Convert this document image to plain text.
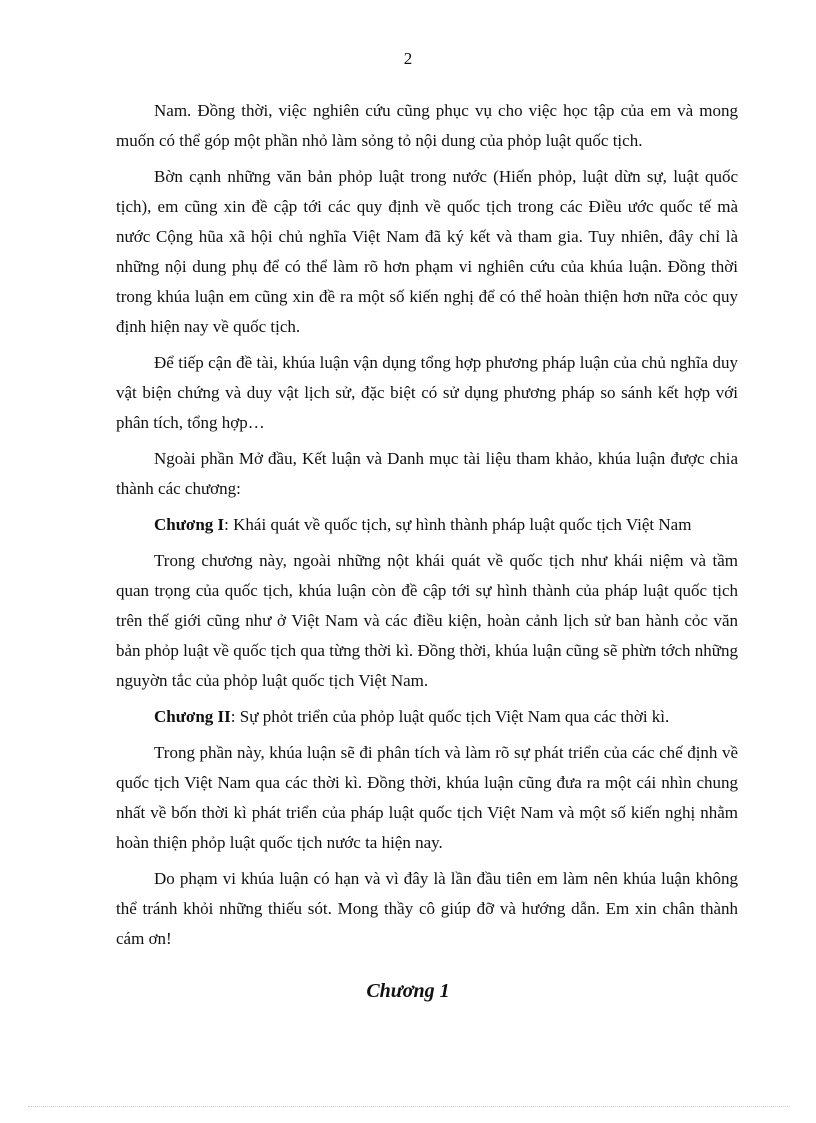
2

Nam. Đồng thời, việc nghiên cứu cũng phục vụ cho việc học tập của em và mong muốn có thể góp một phần nhỏ làm sỏng tỏ nội dung của phỏp luật quốc tịch.

Bờn cạnh những văn bản phỏp luật trong nước (Hiến phỏp, luật dừn sự, luật quốc tịch), em cũng xin đề cập tới các quy định về quốc tịch trong các Điều ước quốc tế mà nước Cộng hũa xã hội chủ nghĩa Việt Nam đã ký kết và tham gia. Tuy nhiên, đây chỉ là những nội dung phụ để có thể làm rõ hơn phạm vi nghiên cứu của khúa luận. Đồng thời trong khúa luận em cũng xin đề ra một số kiến nghị để có thể hoàn thiện hơn nữa cỏc quy định hiện nay về quốc tịch.

Để tiếp cận đề tài, khúa luận vận dụng tổng hợp phương pháp luận của chủ nghĩa duy vật biện chứng và duy vật lịch sử, đặc biệt có sử dụng phương pháp so sánh kết hợp với phân tích, tổng hợp…

Ngoài phần Mở đầu, Kết luận và Danh mục tài liệu tham khảo, khúa luận được chia thành các chương:

Chương I: Khái quát về quốc tịch, sự hình thành pháp luật quốc tịch Việt Nam

Trong chương này, ngoài những nột khái quát về quốc tịch như khái niệm và tầm quan trọng của quốc tịch, khúa luận còn đề cập tới sự hình thành của pháp luật quốc tịch trên thế giới cũng như ở Việt Nam và các điều kiện, hoàn cảnh lịch sử ban hành cỏc văn bản phỏp luật về quốc tịch qua từng thời kì. Đồng thời, khúa luận cũng sẽ phừn tớch những nguyờn tắc của phỏp luật quốc tịch Việt Nam.

Chương II: Sự phỏt triển của phỏp luật quốc tịch Việt Nam qua các thời kì.

Trong phần này, khúa luận sẽ đi phân tích và làm rõ sự phát triển của các chế định về quốc tịch Việt Nam qua các thời kì. Đồng thời, khúa luận cũng đưa ra một cái nhìn chung nhất về bốn thời kì phát triển của pháp luật quốc tịch Việt Nam và một số kiến nghị nhằm hoàn thiện phỏp luật quốc tịch nước ta hiện nay.

Do phạm vi khúa luận có hạn và vì đây là lần đầu tiên em làm nên khúa luận không thể tránh khỏi những thiếu sót. Mong thầy cô giúp đỡ và hướng dẫn. Em xin chân thành cám ơn!

Chương 1
